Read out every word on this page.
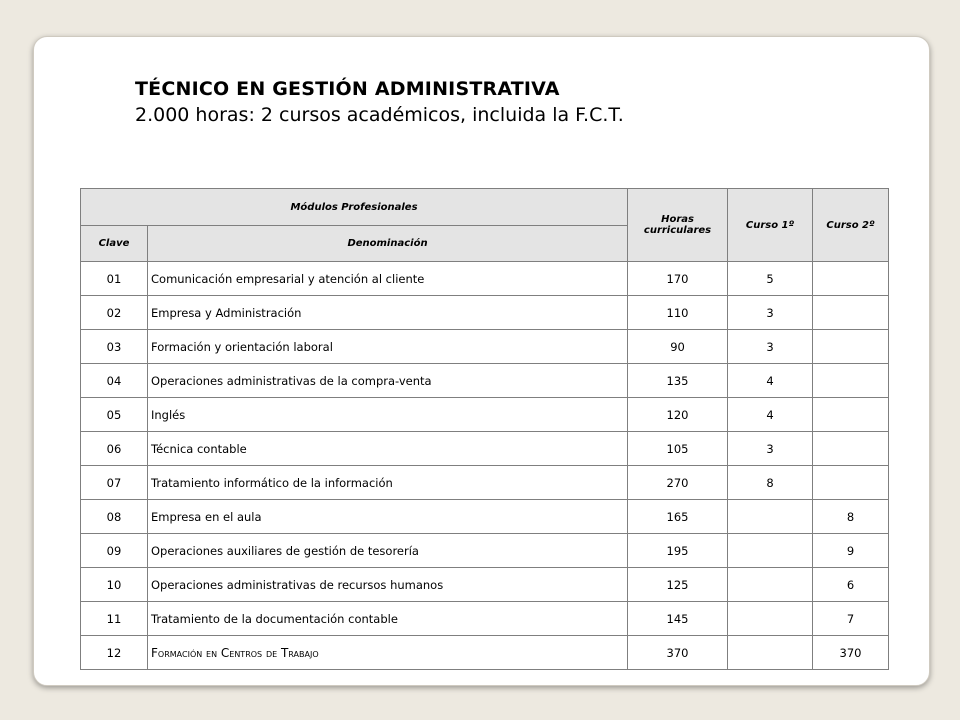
TÉCNICO EN GESTIÓN ADMINISTRATIVA
2.000 horas: 2 cursos académicos, incluida la F.C.T.
Módulos Profesionales		Horas curriculares	Curso 1º	Curso 2º
Clave	Denominación			
01	Comunicación empresarial y atención al cliente	170	5	
02	Empresa y Administración	110	3	
03	Formación y orientación laboral	90	3	
04	Operaciones administrativas de la compra-venta	135	4	
05	Inglés	120	4	
06	Técnica contable	105	3	
07	Tratamiento informático de la información	270	8	
08	Empresa en el aula	165		8
09	Operaciones auxiliares de gestión de tesorería	195		9
10	Operaciones administrativas de recursos humanos	125		6
11	Tratamiento de la documentación contable	145		7
12	Formación en Centros de Trabajo	370		370
